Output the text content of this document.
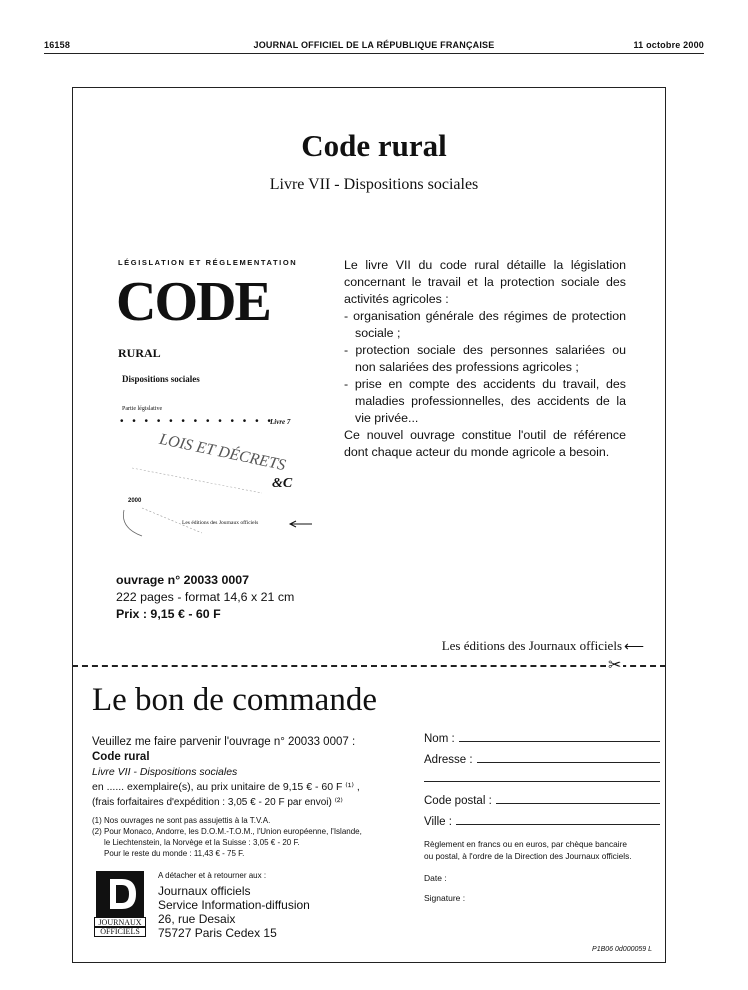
16158	JOURNAL OFFICIEL DE LA RÉPUBLIQUE FRANÇAISE	11 octobre 2000
Code rural
Livre VII - Dispositions sociales
LÉGISLATION ET RÉGLEMENTATION
CODE
RURAL
Dispositions sociales
Partie législative
• • • • • • • • • • • • •
Livre 7
LOIS ET DÉCRETS
&C
2000
Les éditions des Journaux officiels
Le livre VII du code rural détaille la législation concernant le travail et la protection sociale des activités agricoles :
- organisation générale des régimes de protection sociale ;
- protection sociale des personnes salariées ou non salariées des professions agricoles ;
- prise en compte des accidents du travail, des maladies professionnelles, des accidents de la vie privée...
Ce nouvel ouvrage constitue l'outil de référence dont chaque acteur du monde agricole a besoin.
ouvrage n° 20033 0007
222 pages - format 14,6 x 21 cm
Prix : 9,15 € - 60 F
Les éditions des Journaux officiels ⟵
✂
Le bon de commande
Veuillez me faire parvenir l'ouvrage n° 20033 0007 :
Code rural
Livre VII - Dispositions sociales
en ...... exemplaire(s), au prix unitaire de 9,15 € - 60 F ⁽¹⁾ ,
(frais forfaitaires d'expédition : 3,05 € - 20 F par envoi) ⁽²⁾
(1) Nos ouvrages ne sont pas assujettis à la T.V.A.
(2) Pour Monaco, Andorre, les D.O.M.-T.O.M., l'Union européenne, l'Islande,
le Liechtenstein, la Norvège et la Suisse : 3,05 € - 20 F.
Pour le reste du monde : 11,43 € - 75 F.
Nom :
Adresse :
Code postal :
Ville :
Règlement en francs ou en euros, par chèque bancaire
ou postal, à l'ordre de la Direction des Journaux officiels.
Date :
Signature :
JOURNAUX
OFFICIELS
A détacher et à retourner aux :
Journaux officiels
Service Information-diffusion
26, rue Desaix
75727 Paris Cedex 15
P1B06 0d000059 L
